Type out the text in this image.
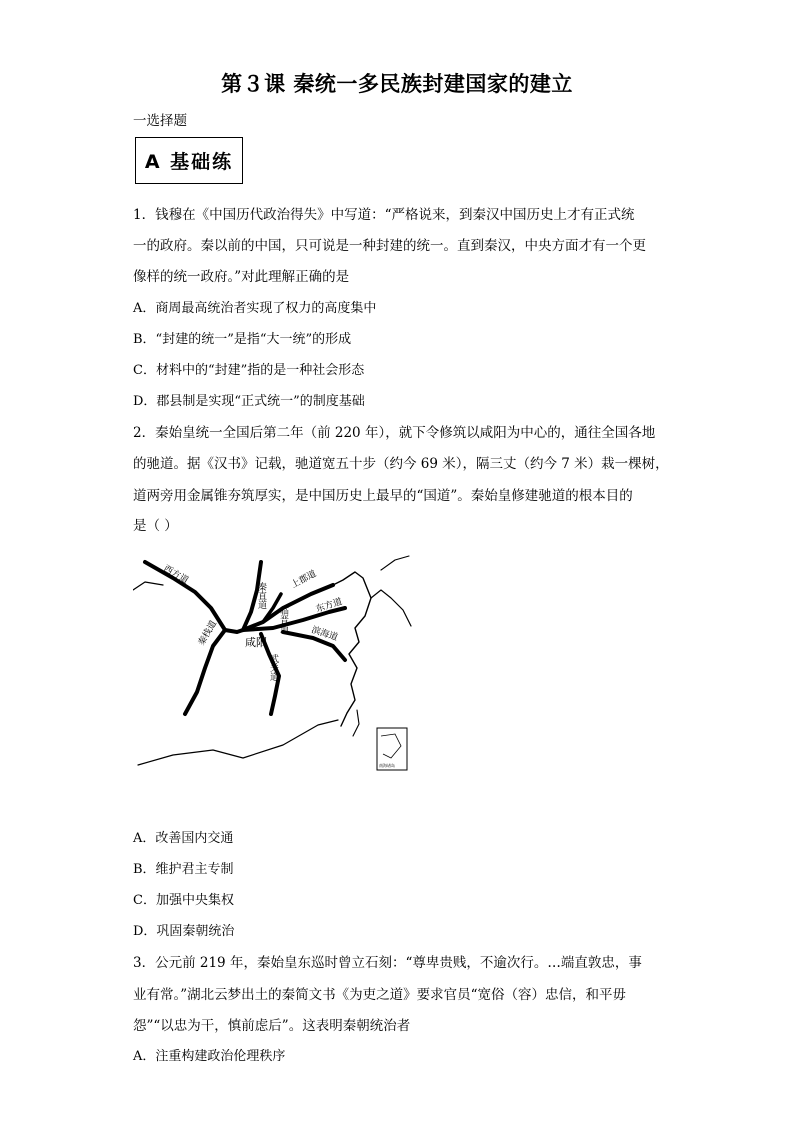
第３课 秦统一多民族封建国家的建立
一选择题
A 基础练
1．钱穆在《中国历代政治得失》中写道：“严格说来，到秦汉中国历史上才有正式统
一的政府。秦以前的中国，只可说是一种封建的统一。直到秦汉，中央方面才有一个更
像样的统一政府。”对此理解正确的是
A．商周最高统治者实现了权力的高度集中
B．“封建的统一”是指“大一统”的形成
C．材料中的“封建”指的是一种社会形态
D．郡县制是实现“正式统一”的制度基础
2．秦始皇统一全国后第二年（前 220 年），就下令修筑以咸阳为中心的，通往全国各地
的驰道。据《汉书》记载，驰道宽五十步（约今 69 米），隔三丈（约今 7 米）栽一棵树，
道两旁用金属锥夯筑厚实，是中国历史上最早的“国道”。秦始皇修建驰道的根本目的
是（ ）
西方道
秦直道
上郡道
临晋道
东方道
滨海道
秦栈道 咸阳
武关道
南海诸岛
A．改善国内交通
B．维护君主专制
C．加强中央集权
D．巩固秦朝统治
3．公元前 219 年，秦始皇东巡时曾立石刻：“尊卑贵贱，不逾次行。…端直敦忠，事
业有常。”湖北云梦出土的秦简文书《为吏之道》要求官员“宽俗（容）忠信，和平毋
怨”“以忠为干，慎前虑后”。这表明秦朝统治者
A．注重构建政治伦理秩序
